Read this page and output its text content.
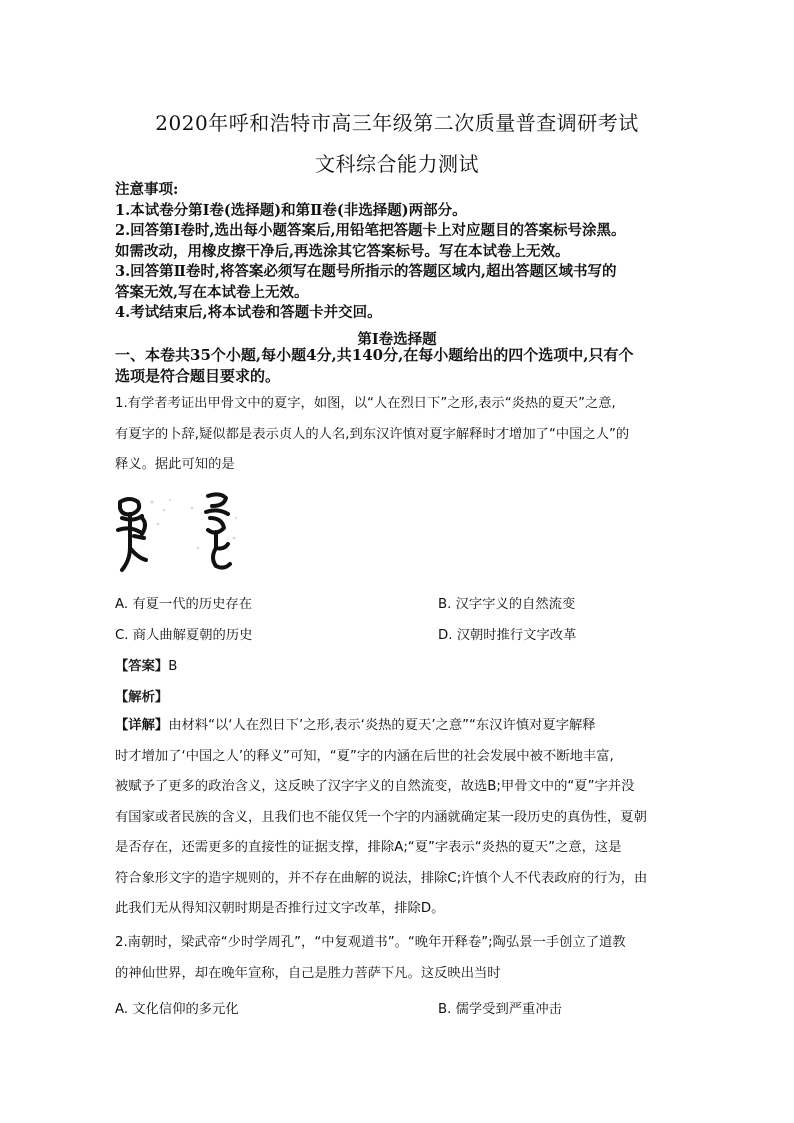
2020年呼和浩特市高三年级第二次质量普查调研考试
文科综合能力测试
注意事项:
1.本试卷分第Ⅰ卷(选择题)和第Ⅱ卷(非选择题)两部分。
2.回答第Ⅰ卷时,选出每小题答案后,用铅笔把答题卡上对应题目的答案标号涂黑。
如需改动，用橡皮擦干净后,再选涂其它答案标号。写在本试卷上无效。
3.回答第Ⅱ卷时,将答案必须写在题号所指示的答题区域内,超出答题区域书写的
答案无效,写在本试卷上无效。
4.考试结束后,将本试卷和答题卡并交回。
第Ⅰ卷选择题
一、本卷共35个小题,每小题4分,共140分,在每小题给出的四个选项中,只有个
选项是符合题目要求的。
1.有学者考证出甲骨文中的夏字，如图，以“人在烈日下”之形,表示“炎热的夏天”之意,
有夏字的卜辞,疑似都是表示贞人的人名,到东汉许慎对夏字解释时才增加了“中国之人”的
释义。据此可知的是
A. 有夏一代的历史存在	B. 汉字字义的自然流变
C. 商人曲解夏朝的历史	D. 汉朝时推行文字改革
【答案】B
【解析】
【详解】由材料“以‘人在烈日下’之形,表示‘炎热的夏天’之意”“东汉许慎对夏字解释
时才增加了‘中国之人’的释义”可知，“夏”字的内涵在后世的社会发展中被不断地丰富,
被赋予了更多的政治含义，这反映了汉字字义的自然流变，故选B;甲骨文中的“夏”字并没
有国家或者民族的含义，且我们也不能仅凭一个字的内涵就确定某一段历史的真伪性，夏朝
是否存在，还需更多的直接性的证据支撑，排除A;“夏”字表示“炎热的夏天”之意，这是
符合象形文字的造字规则的，并不存在曲解的说法，排除C;许慎个人不代表政府的行为，由
此我们无从得知汉朝时期是否推行过文字改革，排除D。
2.南朝时，梁武帝“少时学周孔”，“中复观道书”。“晚年开释卷”;陶弘景一手创立了道教
的神仙世界，却在晚年宣称，自己是胜力菩萨下凡。这反映出当时
A. 文化信仰的多元化	B. 儒学受到严重冲击
